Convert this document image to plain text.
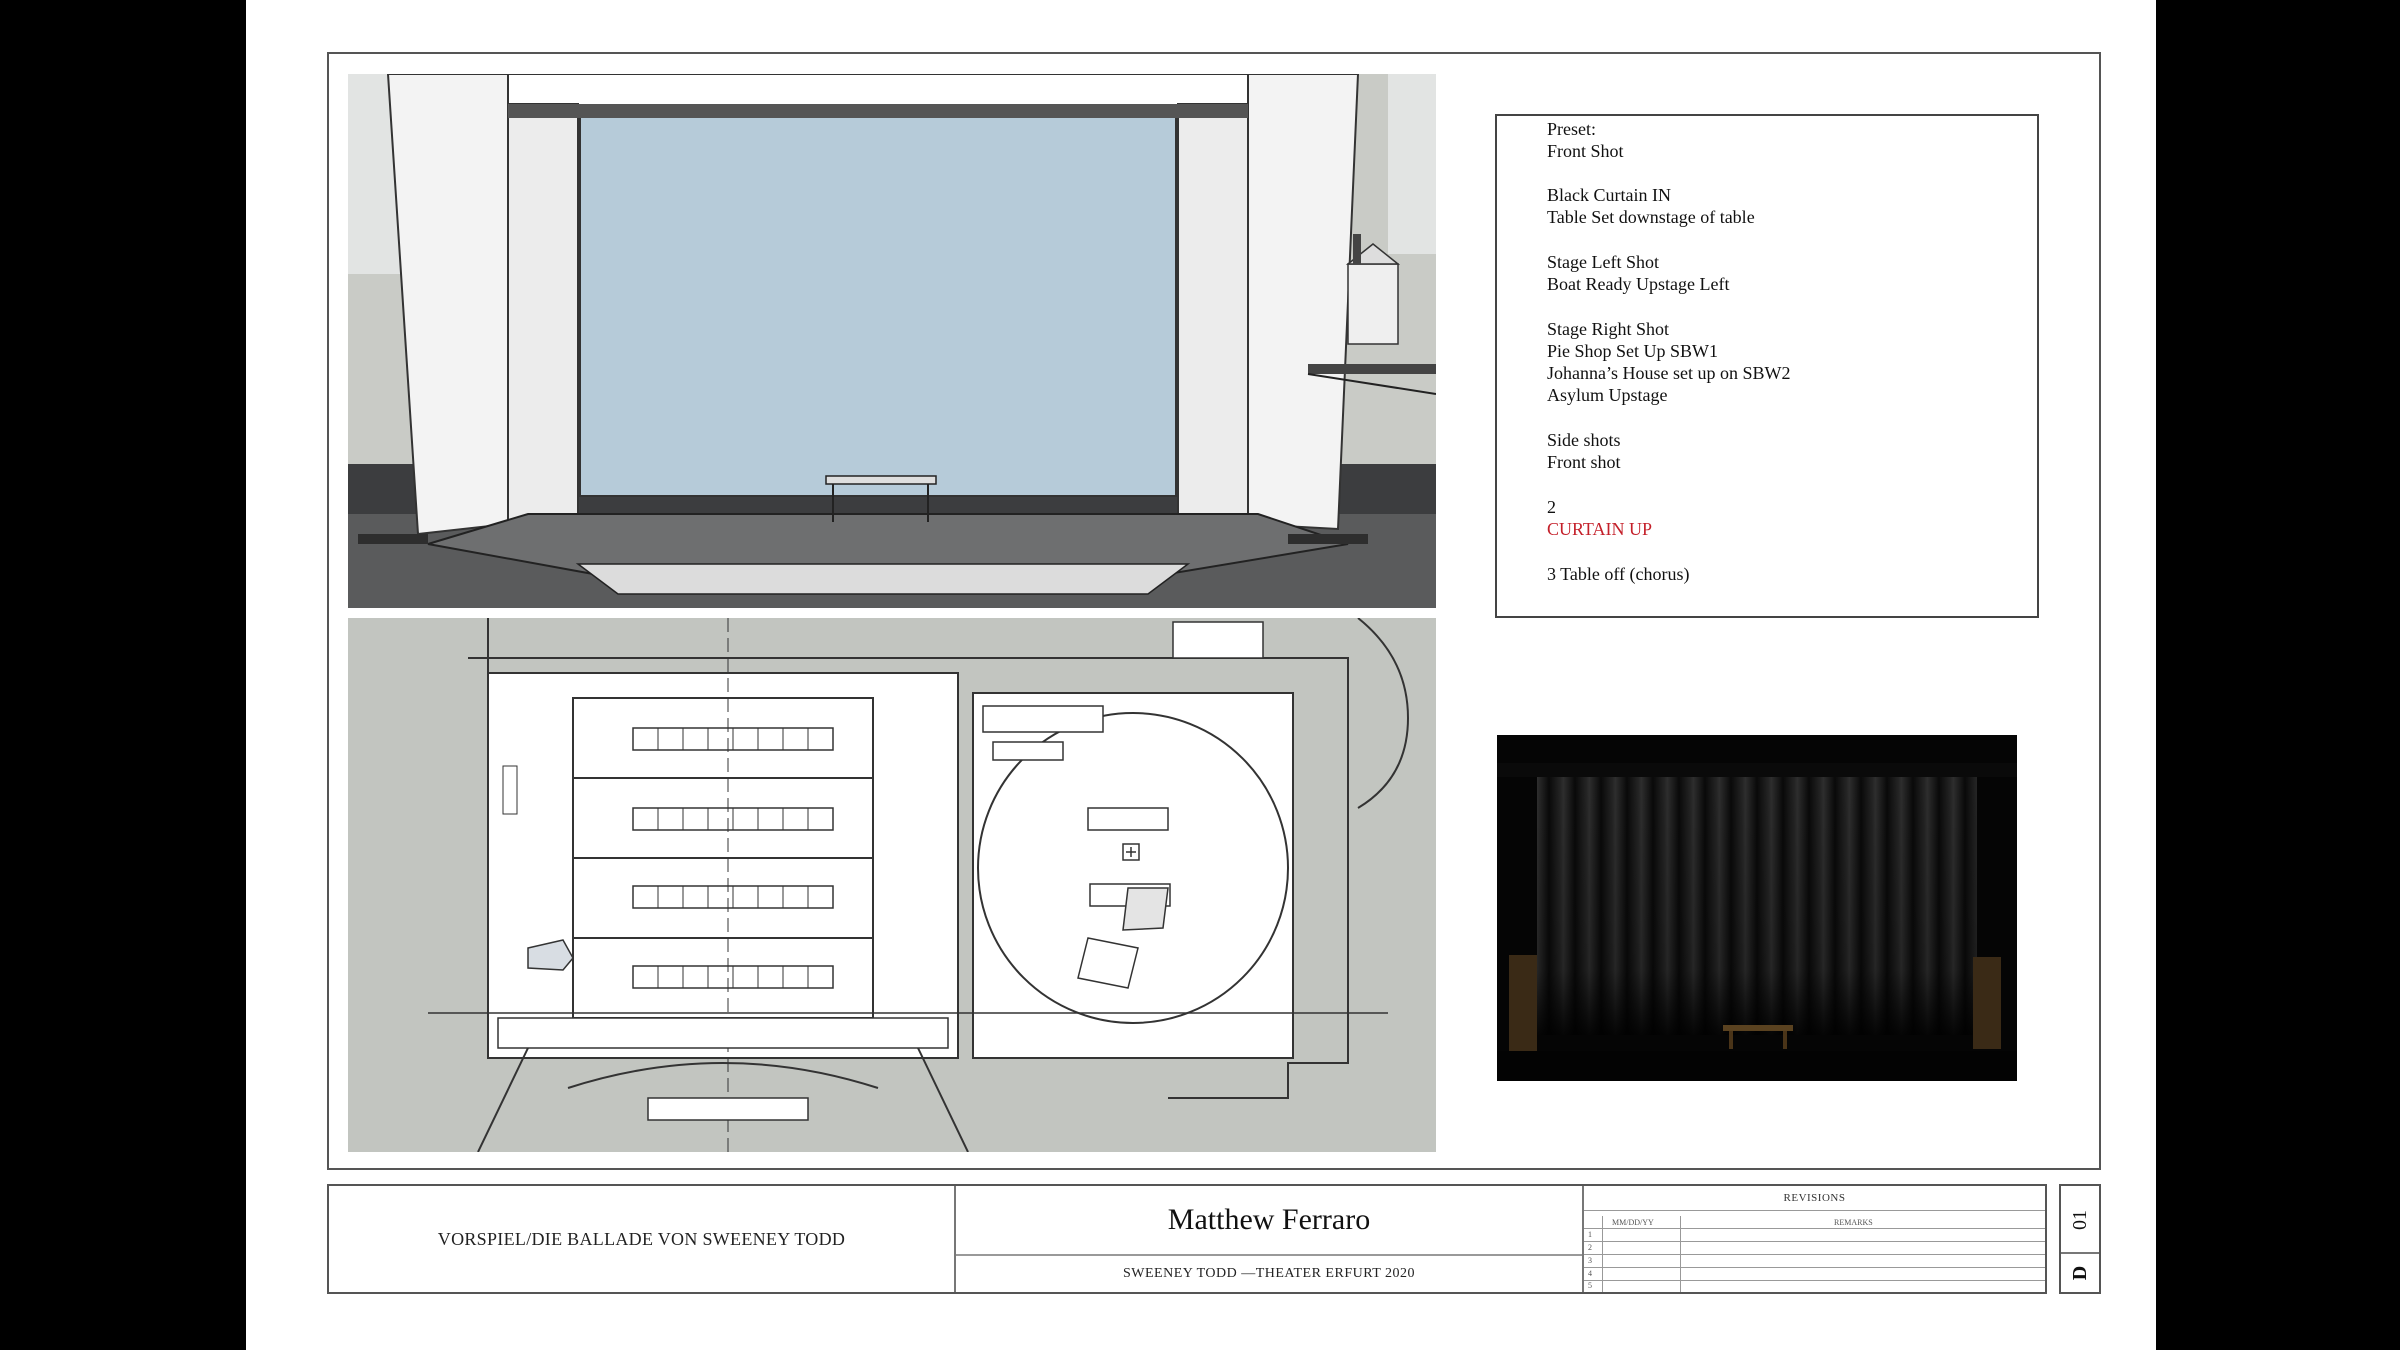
Preset:
Front Shot
Black Curtain IN
Table Set downstage of table
Stage Left Shot
Boat Ready Upstage Left
Stage Right Shot
Pie Shop Set Up SBW1
Johanna’s House set up on SBW2
Asylum Upstage
Side shots
Front shot
2
CURTAIN UP
3 Table off (chorus)
VORSPIEL/DIE BALLADE VON SWEENEY TODD
Matthew Ferraro
SWEENEY TODD —THEATER ERFURT 2020
REVISIONS
MM/DD/YY	REMARKS
1
2
3
4
5
01
D
